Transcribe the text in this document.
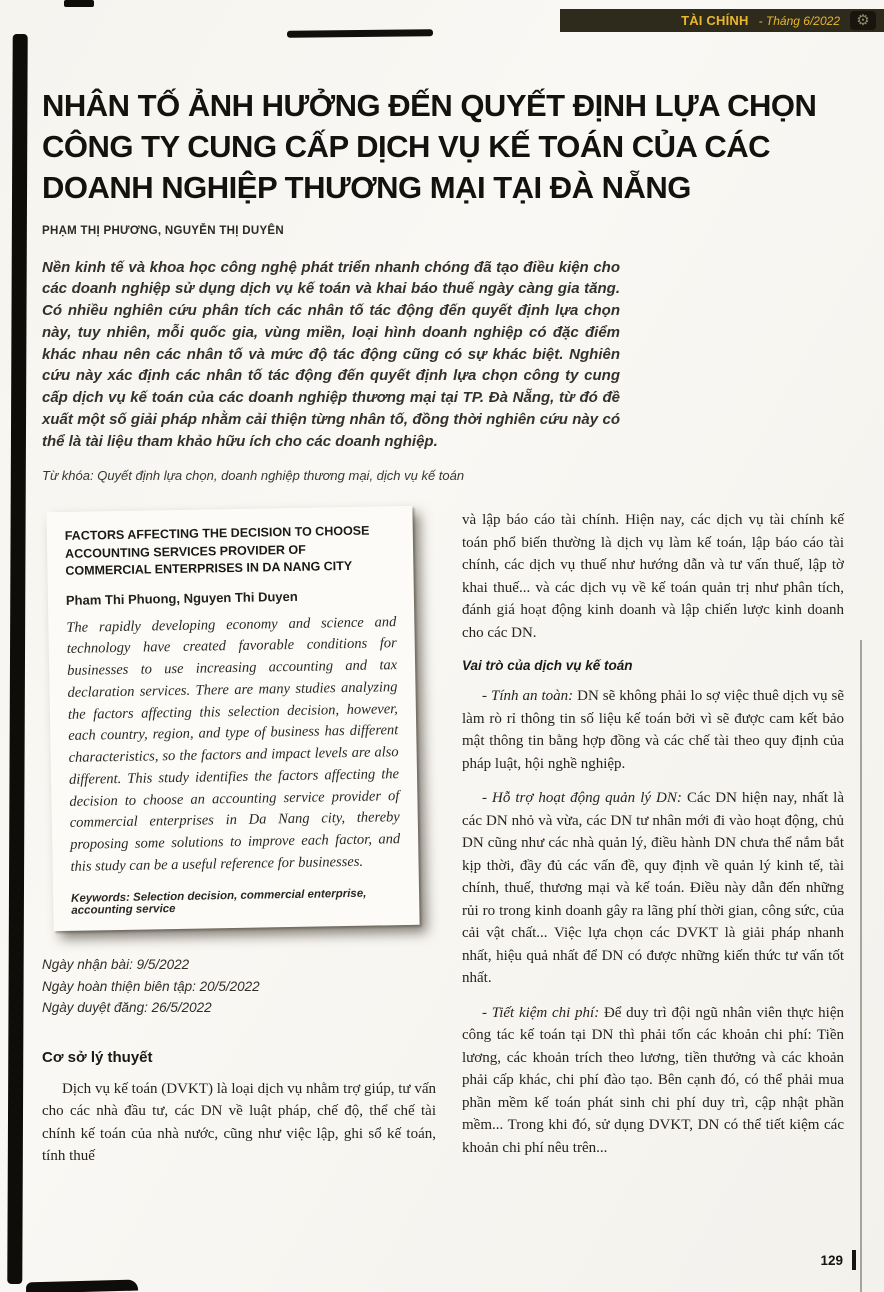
TÀI CHÍNH - Tháng 6/2022 ⚙
NHÂN TỐ ẢNH HƯỞNG ĐẾN QUYẾT ĐỊNH LỰA CHỌN CÔNG TY CUNG CẤP DỊCH VỤ KẾ TOÁN CỦA CÁC DOANH NGHIỆP THƯƠNG MẠI TẠI ĐÀ NẴNG
PHẠM THỊ PHƯƠNG, NGUYỄN THỊ DUYÊN
Nền kinh tế và khoa học công nghệ phát triển nhanh chóng đã tạo điều kiện cho các doanh nghiệp sử dụng dịch vụ kế toán và khai báo thuế ngày càng gia tăng. Có nhiều nghiên cứu phân tích các nhân tố tác động đến quyết định lựa chọn này, tuy nhiên, mỗi quốc gia, vùng miền, loại hình doanh nghiệp có đặc điểm khác nhau nên các nhân tố và mức độ tác động cũng có sự khác biệt. Nghiên cứu này xác định các nhân tố tác động đến quyết định lựa chọn công ty cung cấp dịch vụ kế toán của các doanh nghiệp thương mại tại TP. Đà Nẵng, từ đó đề xuất một số giải pháp nhằm cải thiện từng nhân tố, đồng thời nghiên cứu này có thể là tài liệu tham khảo hữu ích cho các doanh nghiệp.
Từ khóa: Quyết định lựa chọn, doanh nghiệp thương mại, dịch vụ kế toán
FACTORS AFFECTING THE DECISION TO CHOOSE ACCOUNTING SERVICES PROVIDER OF COMMERCIAL ENTERPRISES IN DA NANG CITY
Pham Thi Phuong, Nguyen Thi Duyen
The rapidly developing economy and science and technology have created favorable conditions for businesses to use increasing accounting and tax declaration services. There are many studies analyzing the factors affecting this selection decision, however, each country, region, and type of business has different characteristics, so the factors and impact levels are also different. This study identifies the factors affecting the decision to choose an accounting service provider of commercial enterprises in Da Nang city, thereby proposing some solutions to improve each factor, and this study can be a useful reference for businesses.
Keywords: Selection decision, commercial enterprise, accounting service
Ngày nhận bài: 9/5/2022
Ngày hoàn thiện biên tập: 20/5/2022
Ngày duyệt đăng: 26/5/2022
Cơ sở lý thuyết

Dịch vụ kế toán (DVKT) là loại dịch vụ nhằm trợ giúp, tư vấn cho các nhà đầu tư, các DN về luật pháp, chế độ, thể chế tài chính kế toán của nhà nước, cũng như việc lập, ghi sổ kế toán, tính thuế

và lập báo cáo tài chính. Hiện nay, các dịch vụ tài chính kế toán phổ biến thường là dịch vụ làm kế toán, lập báo cáo tài chính, các dịch vụ thuế như hướng dẫn và tư vấn thuế, lập tờ khai thuế... và các dịch vụ về kế toán quản trị như phân tích, đánh giá hoạt động kinh doanh và lập chiến lược kinh doanh cho các DN.

Vai trò của dịch vụ kế toán

- Tính an toàn: DN sẽ không phải lo sợ việc thuê dịch vụ sẽ làm rò rỉ thông tin số liệu kế toán bởi vì sẽ được cam kết bảo mật thông tin bằng hợp đồng và các chế tài theo quy định của pháp luật, hội nghề nghiệp.

- Hỗ trợ hoạt động quản lý DN: Các DN hiện nay, nhất là các DN nhỏ và vừa, các DN tư nhân mới đi vào hoạt động, chủ DN cũng như các nhà quản lý, điều hành DN chưa thể nắm bắt kịp thời, đầy đủ các vấn đề, quy định về quản lý kinh tế, tài chính, thuế, thương mại và kế toán. Điều này dẫn đến những rủi ro trong kinh doanh gây ra lãng phí thời gian, công sức, của cải vật chất... Việc lựa chọn các DVKT là giải pháp nhanh nhất, hiệu quả nhất để DN có được những kiến thức tư vấn tốt nhất.

- Tiết kiệm chi phí: Để duy trì đội ngũ nhân viên thực hiện công tác kế toán tại DN thì phải tốn các khoản chi phí: Tiền lương, các khoản trích theo lương, tiền thưởng và các khoản phải cấp khác, chi phí đào tạo. Bên cạnh đó, có thể phải mua phần mềm kế toán phát sinh chi phí duy trì, cập nhật phần mềm... Trong khi đó, sử dụng DVKT, DN có thể tiết kiệm các khoản chi phí nêu trên...

129
